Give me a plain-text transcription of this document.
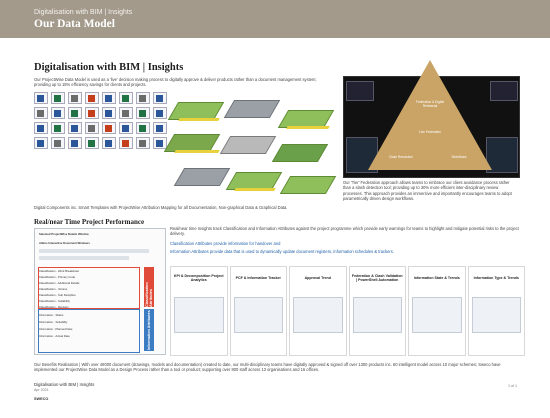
Digitalisation with BIM | Insights
Our Data Model
Digitalisation with BIM | Insights
Our ProjectWise Data Model is used as a 'live' decision making process to digitally approve & deliver products rather than a document management system; providing up to 15% efficiency savings for clients and projects.
Federation & Digital Rehearsal
Live Federation
Clash Resolution	Workflows
Our 'Tier' Federation approach allows teams to embrace our client avoidance process rather than a slash detection tool; providing up to 30% more efficient inter-disciplinary review processes. This approach provides an immersive and importantly encourages teams to adopt parametrically driven design workflows.
Digital Components inc. Smart Templates with ProjectWise Attribution Mapping for all Documentation, Non-graphical Data & Graphical Data.
Real/near Time Project Performance
Selected ProjectWise Details Window
Atkins Interactive Document Windows
Classification - Work Breakdown
Classification - Primary Code
Classification - Additional Details
Classification - Volume
Classification - Sub Discipline
Classification - Suitability
Classification - Revision
Information - Status
Information - Suitability
Information - Planned Date
Information - Actual Date
Classification Attributes
Information Attributes
Real/near time Insights track Classification and Information Attributes against the project programme which provide early warnings for teams to highlight and mitigate potential risks to the project delivery.
Classification Attributes provide information for handover and
Information Attributes provide data that is used to dynamically update document registers, information schedules & trackers.
KPI & Decomposition Project Analytics
PCF & Information Tracker	Approval Trend
Federation & Clash Validation | PowerShell Automation
Information State & Trends	Information Type & Trends
Our Benefits Realisation | With over 48000 document (drawings, models and documentation) created to date, our multi-disciplinary teams have digitally approved & signed off over 1300 products inc. 60 intelligent model across 10 major schemes; Sweco have implemented our ProjectWise Data Model as a Design Process rather than a tool or product; supporting over 800 staff across 13 organisations and 16 offices.
Digitalisation with BIM | Insights
Apr 2021
1 of 1
SWECO
